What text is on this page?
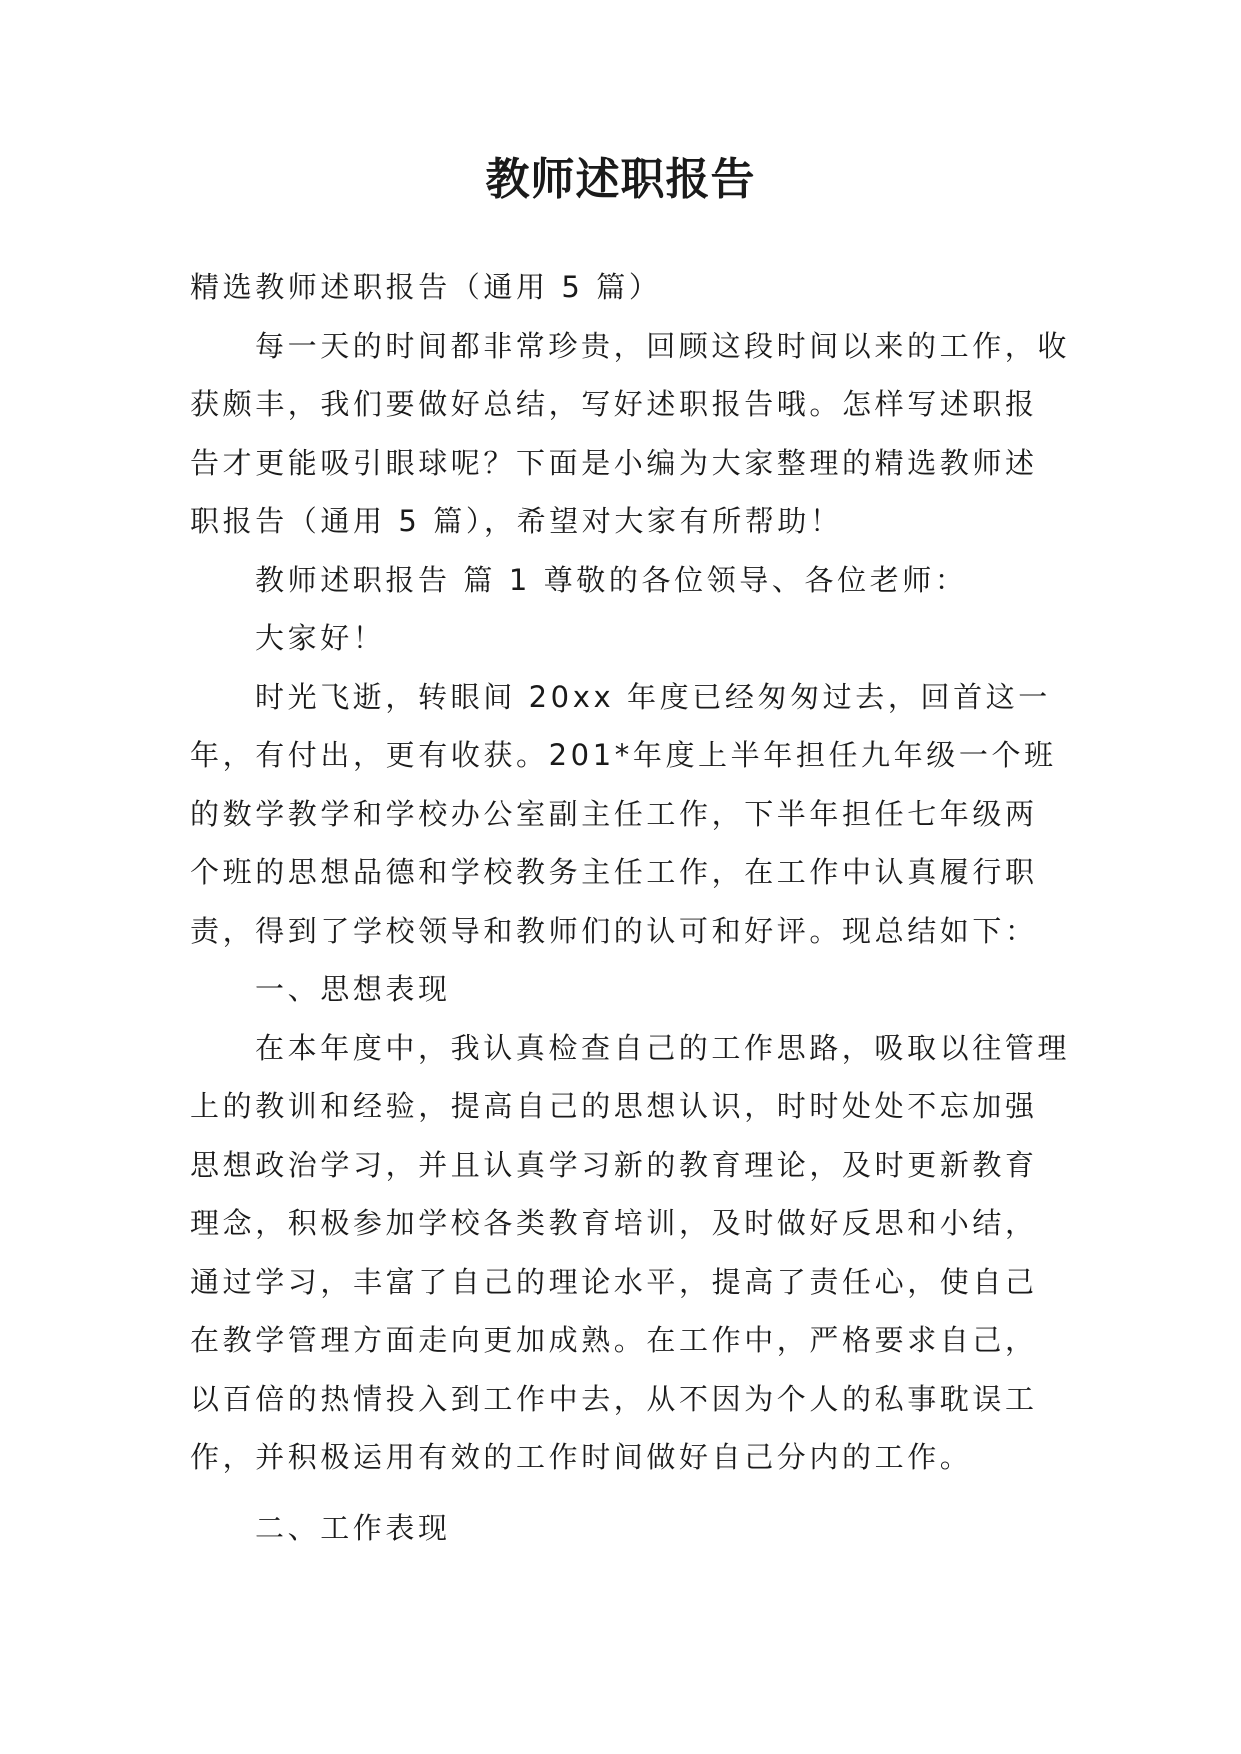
教师述职报告

精选教师述职报告（通用 5 篇）

每一天的时间都非常珍贵，回顾这段时间以来的工作，收获颇丰，我们要做好总结，写好述职报告哦。怎样写述职报告才更能吸引眼球呢？下面是小编为大家整理的精选教师述职报告（通用 5 篇），希望对大家有所帮助！

教师述职报告 篇 1 尊敬的各位领导、各位老师：

大家好！

时光飞逝，转眼间 20xx 年度已经匆匆过去，回首这一年，有付出，更有收获。201*年度上半年担任九年级一个班的数学教学和学校办公室副主任工作，下半年担任七年级两个班的思想品德和学校教务主任工作，在工作中认真履行职责，得到了学校领导和教师们的认可和好评。现总结如下：

一、思想表现

在本年度中，我认真检查自己的工作思路，吸取以往管理上的教训和经验，提高自己的思想认识，时时处处不忘加强思想政治学习，并且认真学习新的教育理论，及时更新教育理念，积极参加学校各类教育培训，及时做好反思和小结，通过学习，丰富了自己的理论水平，提高了责任心，使自己在教学管理方面走向更加成熟。在工作中，严格要求自己，以百倍的热情投入到工作中去，从不因为个人的私事耽误工作，并积极运用有效的工作时间做好自己分内的工作。

二、工作表现
